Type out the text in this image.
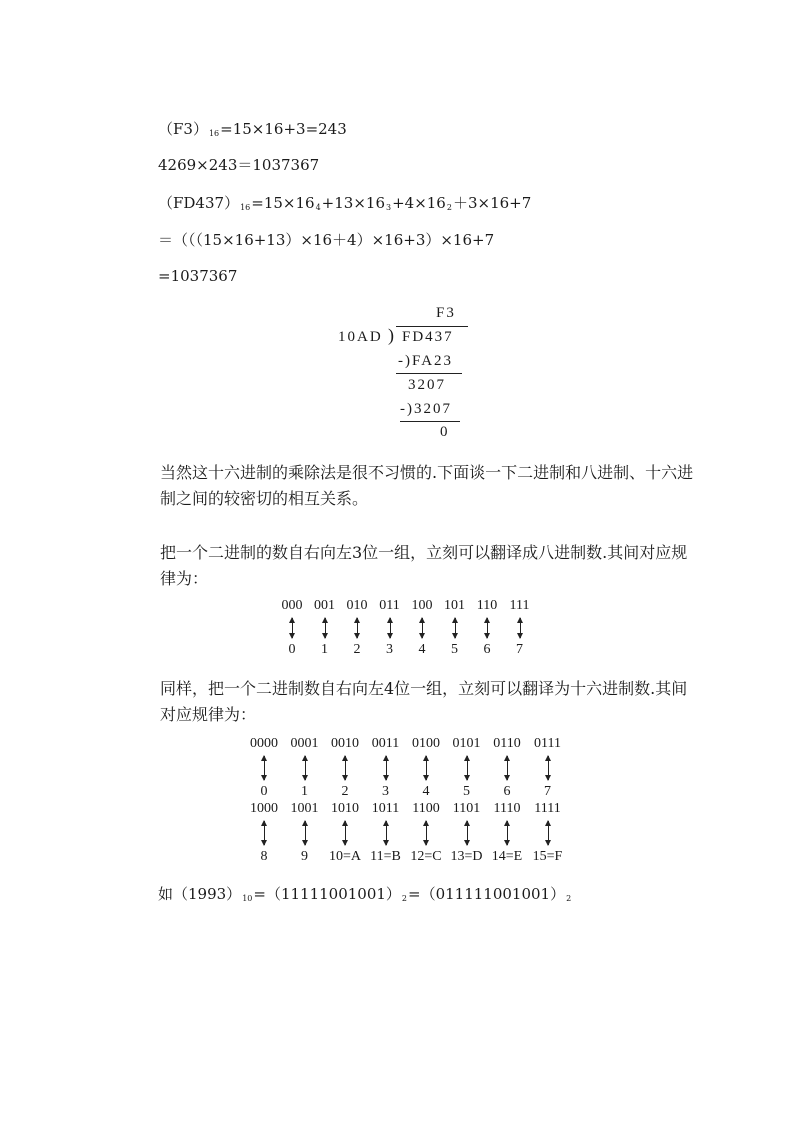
$(F3)_{16}=15\times 16+3=243$
4269×243＝1037367
$(FD437)_{16}=15\times 16_4+13\times 16_3+4\times 16_2+3\times 16+7$
＝（（（15×16+13）×16＋4）×16+3）×16+7
=1037367
F3
10AD ) FD437
-)FA23
3207
-)3207
0
当然这十六进制的乘除法是很不习惯的.下面谈一下二进制和八进制、十六进制之间的较密切的相互关系。
把一个二进制的数自右向左3位一组，立刻可以翻译成八进制数.其间对应规律为：
000
0
001
1
010
2
011
3
100
4
101
5
110
6
111
7
同样，把一个二进制数自右向左4位一组，立刻可以翻译为十六进制数.其间对应规律为：
0000
0
0001
1
0010
2
0011
3
0100
4
0101
5
0110
6
0111
7
1000
8
1001
9
1010
10=A
1011
11=B
1100
12=C
1101
13=D
1110
14=E
1111
15=F
如$(1993)_{10}=(11111001001)_2=(011111001001)_2$
